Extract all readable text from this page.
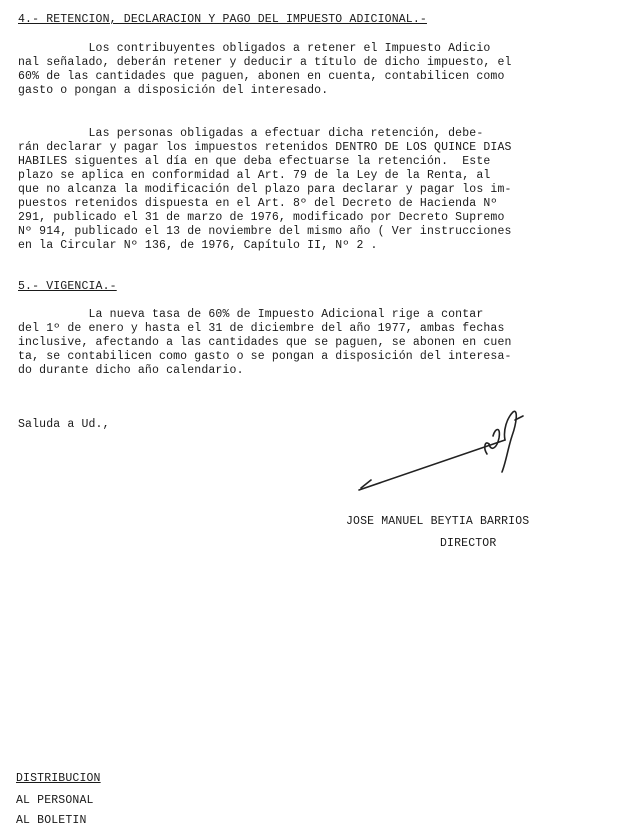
4.- RETENCION, DECLARACION Y PAGO DEL IMPUESTO ADICIONAL.-
Los contribuyentes obligados a retener el Impuesto Adicio
nal señalado, deberán retener y deducir a título de dicho impuesto, el
60% de las cantidades que paguen, abonen en cuenta, contabilicen como
gasto o pongan a disposición del interesado.
Las personas obligadas a efectuar dicha retención, debe-
rán declarar y pagar los impuestos retenidos DENTRO DE LOS QUINCE DIAS
HABILES siguentes al día en que deba efectuarse la retención.  Este
plazo se aplica en conformidad al Art. 79 de la Ley de la Renta, al
que no alcanza la modificación del plazo para declarar y pagar los im-
puestos retenidos dispuesta en el Art. 8º del Decreto de Hacienda Nº
291, publicado el 31 de marzo de 1976, modificado por Decreto Supremo
Nº 914, publicado el 13 de noviembre del mismo año ( Ver instrucciones
en la Circular Nº 136, de 1976, Capítulo II, Nº 2 .
5.- VIGENCIA.-
La nueva tasa de 60% de Impuesto Adicional rige a contar
del 1º de enero y hasta el 31 de diciembre del año 1977, ambas fechas
inclusive, afectando a las cantidades que se paguen, se abonen en cuen
ta, se contabilicen como gasto o se pongan a disposición del interesa-
do durante dicho año calendario.
Saluda a Ud.,
JOSE MANUEL BEYTIA BARRIOS
DIRECTOR
DISTRIBUCION
AL PERSONAL
AL BOLETIN
